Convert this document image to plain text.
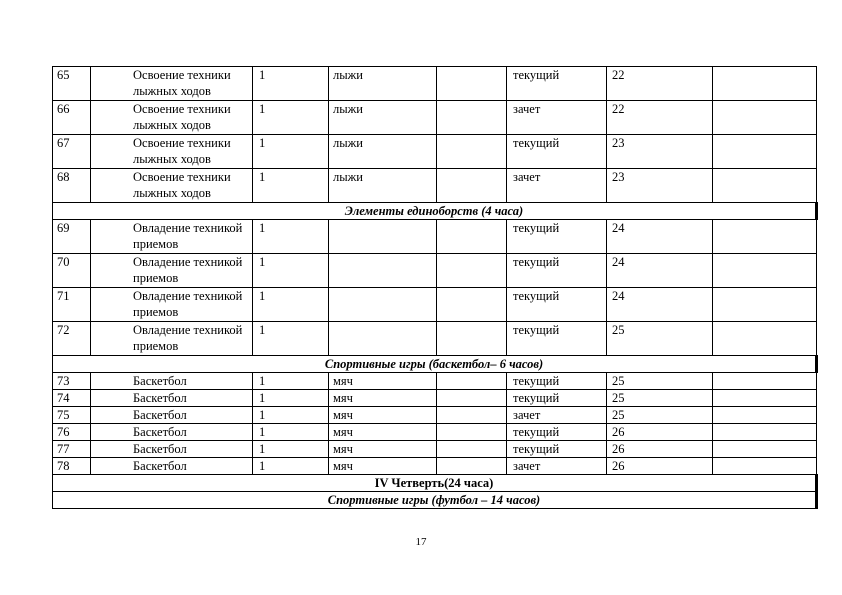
65	Освоение техники лыжных ходов	1	лыжи		текущий	22	
66	Освоение техники лыжных ходов	1	лыжи		зачет	22	
67	Освоение техники лыжных ходов	1	лыжи		текущий	23	
68	Освоение техники лыжных ходов	1	лыжи		зачет	23	
Элементы единоборств (4 часа)							
69	Овладение техникой приемов	1			текущий	24	
70	Овладение техникой приемов	1			текущий	24	
71	Овладение техникой приемов	1			текущий	24	
72	Овладение техникой приемов	1			текущий	25	
Спортивные игры (баскетбол– 6 часов)							
73	Баскетбол	1	мяч		текущий	25	
74	Баскетбол	1	мяч		текущий	25	
75	Баскетбол	1	мяч		зачет	25	
76	Баскетбол	1	мяч		текущий	26	
77	Баскетбол	1	мяч		текущий	26	
78	Баскетбол	1	мяч		зачет	26	
IV Четверть(24 часа)							
Спортивные игры (футбол – 14 часов)							
17
